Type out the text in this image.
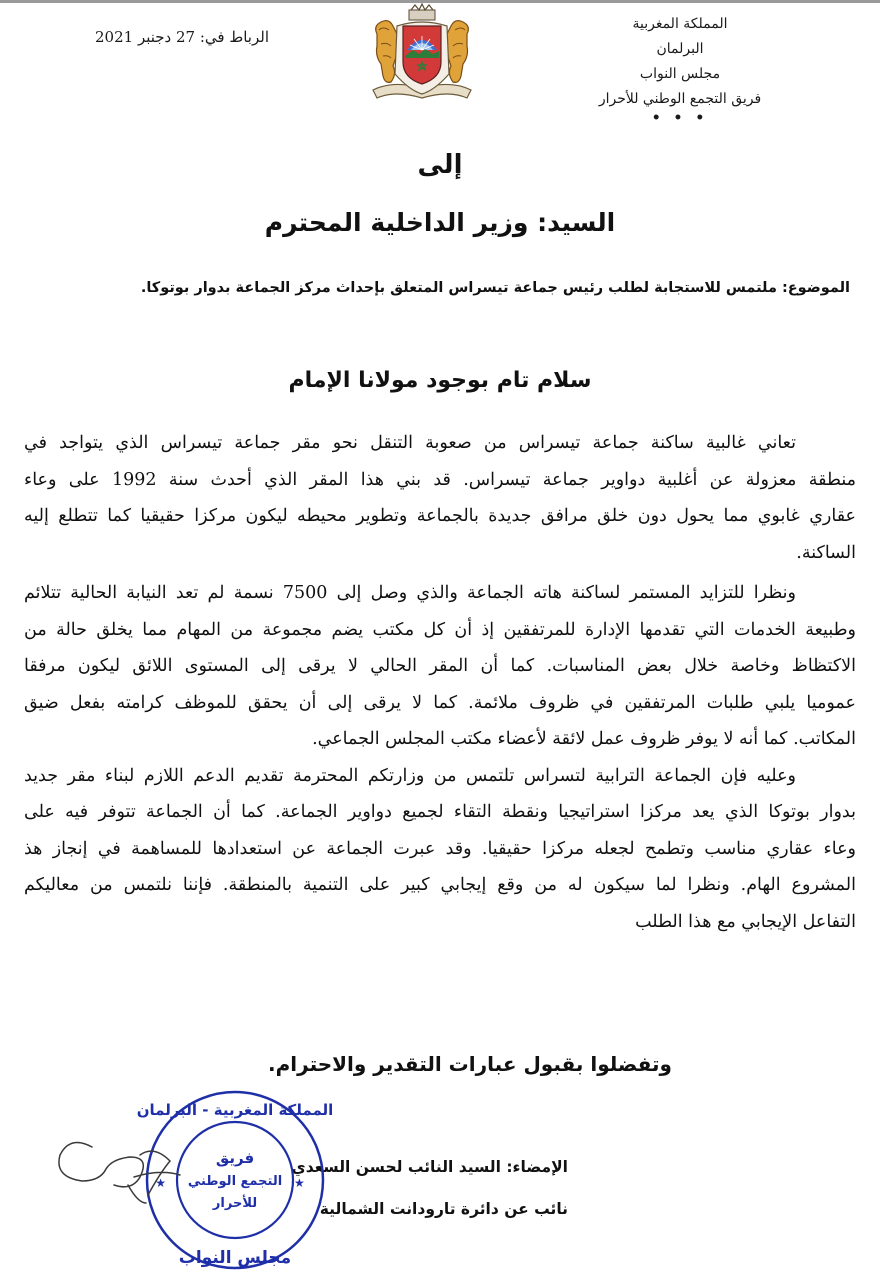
المملكة المغربية
البرلمان
مجلس النواب
فريق التجمع الوطني للأحرار
• • •
الرباط في: 27 دجنبر 2021
إلى
السيد: وزير الداخلية المحترم
الموضوع: ملتمس للاستجابة لطلب رئيس جماعة تيسراس المتعلق بإحداث مركز الجماعة بدوار بوتوكا.
سلام تام بوجود مولانا الإمام
تعاني غالبية ساكنة جماعة تيسراس من صعوبة التنقل نحو مقر جماعة تيسراس الذي يتواجد في
منطقة معزولة عن أغلبية دواوير جماعة تيسراس. قد بني هذا المقر الذي أحدث سنة 1992 على وعاء
عقاري غابوي مما يحول دون خلق مرافق جديدة بالجماعة وتطوير محيطه ليكون مركزا حقيقيا كما تتطلع إليه
الساكنة.
ونظرا للتزايد المستمر لساكنة هاته الجماعة والذي وصل إلى 7500 نسمة لم تعد النيابة الحالية تتلائم
وطبيعة الخدمات التي تقدمها الإدارة للمرتفقين إذ أن كل مكتب يضم مجموعة من المهام مما يخلق حالة من
الاكتظاظ وخاصة خلال بعض المناسبات. كما أن المقر الحالي لا يرقى إلى المستوى اللائق ليكون مرفقا
عموميا يلبي طلبات المرتفقين في ظروف ملائمة. كما لا يرقى إلى أن يحقق للموظف كرامته بفعل ضيق
المكاتب. كما أنه لا يوفر ظروف عمل لائقة لأعضاء مكتب المجلس الجماعي.
وعليه فإن الجماعة الترابية لتسراس تلتمس من وزارتكم المحترمة تقديم الدعم اللازم لبناء مقر جديد
بدوار بوتوكا الذي يعد مركزا استراتيجيا ونقطة التقاء لجميع دواوير الجماعة. كما أن الجماعة تتوفر فيه على
وعاء عقاري مناسب وتطمح لجعله مركزا حقيقيا. وقد عبرت الجماعة عن استعدادها للمساهمة في إنجاز هذ
المشروع الهام. ونظرا لما سيكون له من وقع إيجابي كبير على التنمية بالمنطقة. فإننا نلتمس من معاليكم
التفاعل الإيجابي مع هذا الطلب
وتفضلوا بقبول عبارات التقدير والاحترام.
الإمضاء: السيد النائب لحسن السعدي
نائب عن دائرة تارودانت الشمالية
المملكة المغربية - البرلمان
مجلس النواب
★	★
فريق
التجمع الوطني
للأحرار
